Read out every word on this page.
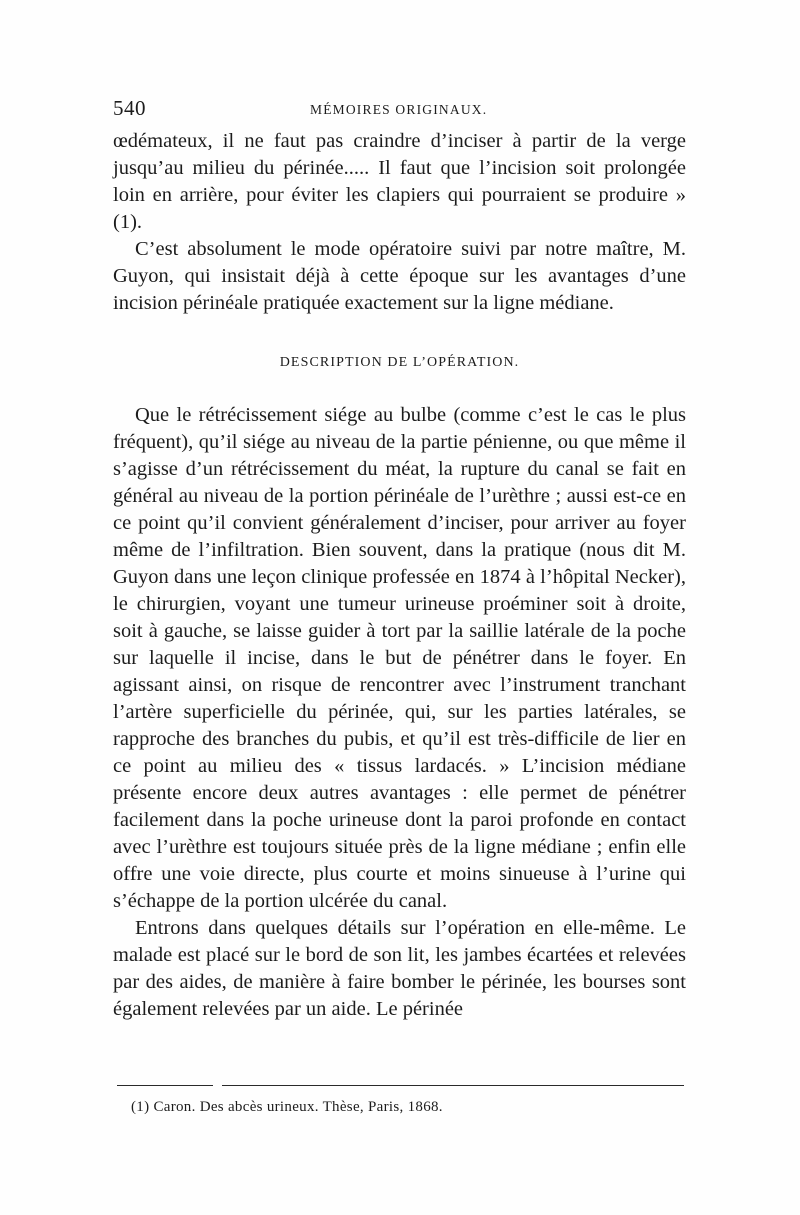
540	MÉMOIRES ORIGINAUX.

œdémateux, il ne faut pas craindre d’inciser à partir de la verge jusqu’au milieu du périnée..... Il faut que l’incision soit prolongée loin en arrière, pour éviter les clapiers qui pourraient se produire » (1).

C’est absolument le mode opératoire suivi par notre maître, M. Guyon, qui insistait déjà à cette époque sur les avantages d’une incision périnéale pratiquée exactement sur la ligne médiane.

DESCRIPTION DE L’OPÉRATION.

Que le rétrécissement siége au bulbe (comme c’est le cas le plus fréquent), qu’il siége au niveau de la partie pénienne, ou que même il s’agisse d’un rétrécissement du méat, la rupture du canal se fait en général au niveau de la portion périnéale de l’urèthre ; aussi est-ce en ce point qu’il convient généralement d’inciser, pour arriver au foyer même de l’infiltration. Bien souvent, dans la pratique (nous dit M. Guyon dans une leçon clinique professée en 1874 à l’hôpital Necker), le chirurgien, voyant une tumeur urineuse proéminer soit à droite, soit à gauche, se laisse guider à tort par la saillie latérale de la poche sur laquelle il incise, dans le but de pénétrer dans le foyer. En agissant ainsi, on risque de rencontrer avec l’instrument tranchant l’artère superficielle du périnée, qui, sur les parties latérales, se rapproche des branches du pubis, et qu’il est très-difficile de lier en ce point au milieu des « tissus lardacés. » L’incision médiane présente encore deux autres avantages : elle permet de pénétrer facilement dans la poche urineuse dont la paroi profonde en contact avec l’urèthre est toujours située près de la ligne médiane ; enfin elle offre une voie directe, plus courte et moins sinueuse à l’urine qui s’échappe de la portion ulcérée du canal.

Entrons dans quelques détails sur l’opération en elle-même. Le malade est placé sur le bord de son lit, les jambes écartées et relevées par des aides, de manière à faire bomber le périnée, les bourses sont également relevées par un aide. Le périnée

(1) Caron. Des abcès urineux. Thèse, Paris, 1868.
